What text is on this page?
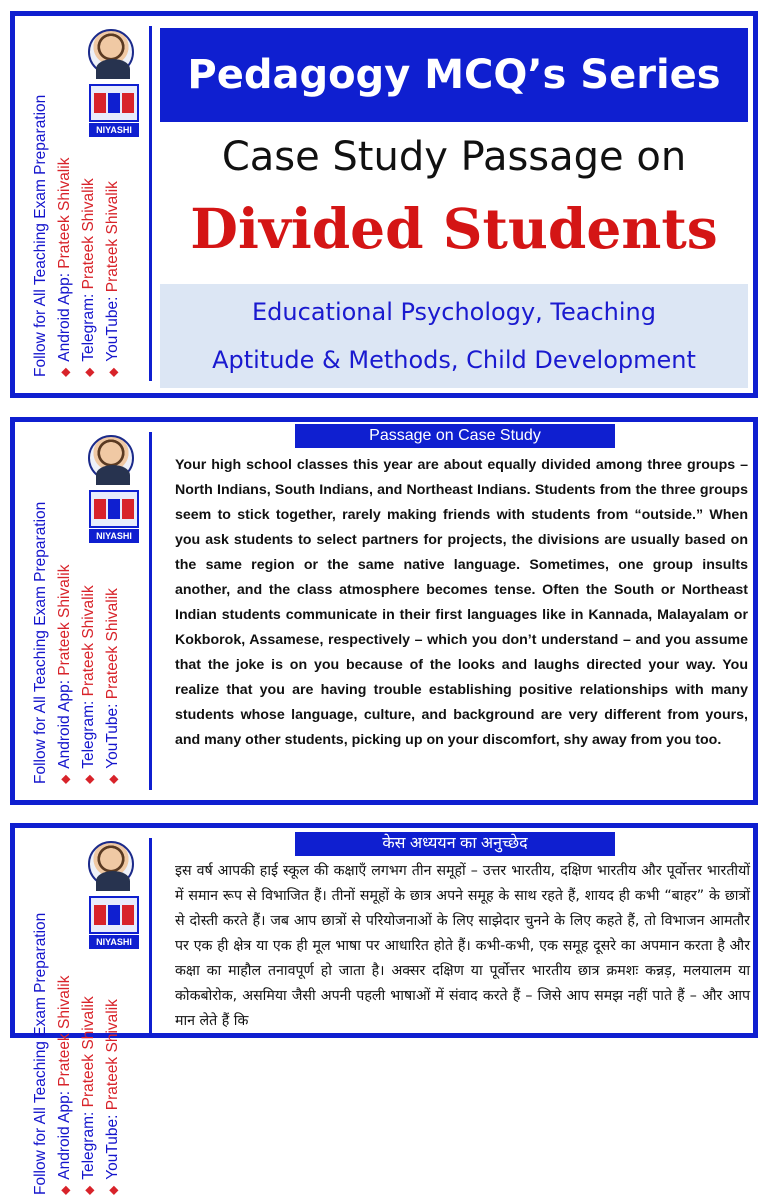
NIYASHI
Follow for All Teaching Exam Preparation ◆Android App: Prateek Shivalik
◆Telegram: Prateek Shivalik
◆YouTube: Prateek Shivalik
Pedagogy MCQ’s Series
Case Study Passage on
Divided Students
Educational Psychology, Teaching
Aptitude & Methods, Child Development
NIYASHI
Follow for All Teaching Exam Preparation ◆Android App: Prateek Shivalik
◆Telegram: Prateek Shivalik
◆YouTube: Prateek Shivalik
Passage on Case Study
Your high school classes this year are about equally divided among three groups – North Indians, South Indians, and Northeast Indians. Students from the three groups seem to stick together, rarely making friends with students from “outside.” When you ask students to select partners for projects, the divisions are usually based on the same region or the same native language. Sometimes, one group insults another, and the class atmosphere becomes tense. Often the South or Northeast Indian students communicate in their first languages like in Kannada, Malayalam or Kokborok, Assamese, respectively – which you don’t understand – and you assume that the joke is on you because of the looks and laughs directed your way. You realize that you are having trouble establishing positive relationships with many students whose language, culture, and background are very different from yours, and many other students, picking up on your discomfort, shy away from you too.
NIYASHI
Follow for All Teaching Exam Preparation ◆Android App: Prateek Shivalik
◆Telegram: Prateek Shivalik
◆YouTube: Prateek Shivalik
केस अध्ययन का अनुच्छेद
इस वर्ष आपकी हाई स्कूल की कक्षाएँ लगभग तीन समूहों – उत्तर भारतीय, दक्षिण भारतीय और पूर्वोत्तर भारतीयों में समान रूप से विभाजित हैं। तीनों समूहों के छात्र अपने समूह के साथ रहते हैं, शायद ही कभी “बाहर” के छात्रों से दोस्ती करते हैं। जब आप छात्रों से परियोजनाओं के लिए साझेदार चुनने के लिए कहते हैं, तो विभाजन आमतौर पर एक ही क्षेत्र या एक ही मूल भाषा पर आधारित होते हैं। कभी-कभी, एक समूह दूसरे का अपमान करता है और कक्षा का माहौल तनावपूर्ण हो जाता है। अक्सर दक्षिण या पूर्वोत्तर भारतीय छात्र क्रमशः कन्नड़, मलयालम या कोकबोरोक, असमिया जैसी अपनी पहली भाषाओं में संवाद करते हैं – जिसे आप समझ नहीं पाते हैं – और आप मान लेते हैं कि
